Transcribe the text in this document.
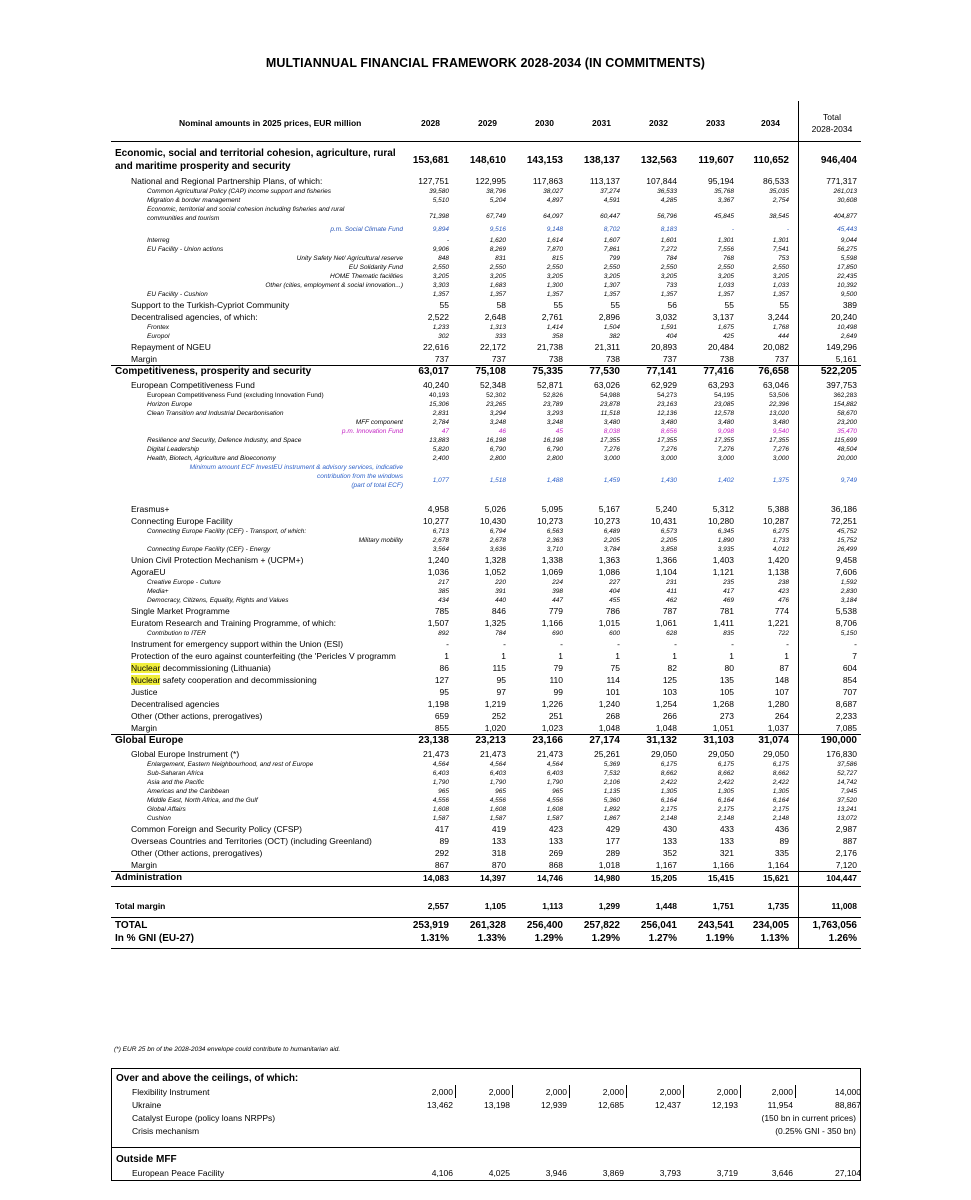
MULTIANNUAL FINANCIAL FRAMEWORK 2028-2034 (IN COMMITMENTS)
Nominal amounts in 2025 prices, EUR million	2028	2029	2030	2031	2032	2033	2034
Total
2028-2034
Economic, social and territorial cohesion, agriculture, rural
and maritime prosperity and security
153,681	148,610	143,153	138,137	132,563	119,607	110,652	946,404
National and Regional Partnership Plans, of which:	127,751	122,995	117,863	113,137	107,844	95,194	86,533	771,317
Common Agricultural Policy (CAP) income support and fisheries	39,580	38,796	38,027	37,274	36,533	35,768	35,035	261,013
Migration & border management	5,510	5,204	4,897	4,591	4,285	3,367	2,754	30,608
Economic, territorial and social cohesion including fisheries and rural
communities and tourism	71,398	67,749	64,097	60,447	56,796	45,845	38,545	404,877
p.m. Social Climate Fund	9,894	9,516	9,148	8,702	8,183	-	-	45,443
Interreg	-	1,620	1,614	1,607	1,601	1,301	1,301	9,044
EU Facility - Union actions	9,906	8,269	7,870	7,861	7,272	7,556	7,541	56,275
Unity Safety Net/ Agricultural reserve	848	831	815	799	784	768	753	5,598
EU Solidarity Fund	2,550	2,550	2,550	2,550	2,550	2,550	2,550	17,850
HOME Thematic facilities	3,205	3,205	3,205	3,205	3,205	3,205	3,205	22,435
Other (cities, employment & social innovation...)	3,303	1,683	1,300	1,307	733	1,033	1,033	10,392
EU Facility - Cushion	1,357	1,357	1,357	1,357	1,357	1,357	1,357	9,500
Support to the Turkish-Cypriot Community	55	58	55	55	56	55	55	389
Decentralised agencies, of which:	2,522	2,648	2,761	2,896	3,032	3,137	3,244	20,240
Frontex	1,233	1,313	1,414	1,504	1,591	1,675	1,768	10,498
Europol	302	333	358	382	404	425	444	2,649
Repayment of NGEU	22,616	22,172	21,738	21,311	20,893	20,484	20,082	149,296
Margin	737	737	738	738	737	738	737	5,161
Competitiveness, prosperity and security	63,017	75,108	75,335	77,530	77,141	77,416	76,658	522,205
European Competitiveness Fund	40,240	52,348	52,871	63,026	62,929	63,293	63,046	397,753
European Competitiveness Fund (excluding Innovation Fund)	40,193	52,302	52,826	54,988	54,273	54,195	53,506	362,283
Horizon Europe	15,306	23,265	23,789	23,878	23,163	23,085	22,396	154,882
Clean Transition and Industrial Decarbonisation	2,831	3,294	3,293	11,518	12,136	12,578	13,020	58,670
MFF component	2,784	3,248	3,248	3,480	3,480	3,480	3,480	23,200
p.m. Innovation Fund	47	46	45	8,038	8,656	9,098	9,540	35,470
Resilience and Security, Defence Industry, and Space	13,883	16,198	16,198	17,355	17,355	17,355	17,355	115,699
Digital Leadership	5,820	6,790	6,790	7,276	7,276	7,276	7,276	48,504
Health, Biotech, Agriculture and Bioeconomy	2,400	2,800	2,800	3,000	3,000	3,000	3,000	20,000
Minimum amount ECF InvestEU instrument & advisory services, indicative
contribution from the windows
(part of total ECF)
1,077	1,518	1,488	1,459	1,430	1,402	1,375	9,749
Erasmus+	4,958	5,026	5,095	5,167	5,240	5,312	5,388	36,186
Connecting Europe Facility	10,277	10,430	10,273	10,273	10,431	10,280	10,287	72,251
Connecting Europe Facility (CEF) - Transport, of which:	6,713	6,794	6,563	6,489	6,573	6,345	6,275	45,752
Military mobility	2,678	2,678	2,363	2,205	2,205	1,890	1,733	15,752
Connecting Europe Facility (CEF) - Energy	3,564	3,636	3,710	3,784	3,858	3,935	4,012	26,499
Union Civil Protection Mechanism + (UCPM+)	1,240	1,328	1,338	1,363	1,366	1,403	1,420	9,458
AgoraEU	1,036	1,052	1,069	1,086	1,104	1,121	1,138	7,606
Creative Europe - Culture	217	220	224	227	231	235	238	1,592
Media+	385	391	398	404	411	417	423	2,830
Democracy, Citizens, Equality, Rights and Values	434	440	447	455	462	469	476	3,184
Single Market Programme	785	846	779	786	787	781	774	5,538
Euratom Research and Training Programme, of which:	1,507	1,325	1,166	1,015	1,061	1,411	1,221	8,706
Contribution to ITER	892	784	690	600	628	835	722	5,150
Instrument for emergency support within the Union (ESI)	-	-	-	-	-	-	-	-
Protection of the euro against counterfeiting (the 'Pericles V programm	1	1	1	1	1	1	1	7
Nuclear decommissioning (Lithuania)	86	115	79	75	82	80	87	604
Nuclear safety cooperation and decommissioning	127	95	110	114	125	135	148	854
Justice	95	97	99	101	103	105	107	707
Decentralised agencies	1,198	1,219	1,226	1,240	1,254	1,268	1,280	8,687
Other (Other actions, prerogatives)	659	252	251	268	266	273	264	2,233
Margin	855	1,020	1,023	1,048	1,048	1,051	1,037	7,085
Global Europe	23,138	23,213	23,166	27,174	31,132	31,103	31,074	190,000
Global Europe Instrument (*)	21,473	21,473	21,473	25,261	29,050	29,050	29,050	176,830
Enlargement, Eastern Neighbourhood, and rest of Europe	4,564	4,564	4,564	5,369	6,175	6,175	6,175	37,586
Sub-Saharan Africa	6,403	6,403	6,403	7,532	8,662	8,662	8,662	52,727
Asia and the Pacific	1,790	1,790	1,790	2,106	2,422	2,422	2,422	14,742
Americas and the Caribbean	965	965	965	1,135	1,305	1,305	1,305	7,945
Middle East, North Africa, and the Gulf	4,556	4,556	4,556	5,360	6,164	6,164	6,164	37,520
Global Affairs	1,608	1,608	1,608	1,892	2,175	2,175	2,175	13,241
Cushion	1,587	1,587	1,587	1,867	2,148	2,148	2,148	13,072
Common Foreign and Security Policy (CFSP)	417	419	423	429	430	433	436	2,987
Overseas Countries and Territories (OCT) (including Greenland)	89	133	133	177	133	133	89	887
Other (Other actions, prerogatives)	292	318	269	289	352	321	335	2,176
Margin	867	870	868	1,018	1,167	1,166	1,164	7,120
Administration	14,083	14,397	14,746	14,980	15,205	15,415	15,621	104,447
Total margin	2,557	1,105	1,113	1,299	1,448	1,751	1,735	11,008
TOTAL	253,919	261,328	256,400	257,822	256,041	243,541	234,005	1,763,056
In % GNI (EU-27)	1.31%	1.33%	1.29%	1.29%	1.27%	1.19%	1.13%	1.26%
(*) EUR 25 bn of the 2028-2034 envelope could contribute to humanitarian aid.
Over and above the ceilings, of which:
Flexibility Instrument	2,000	2,000	2,000	2,000	2,000	2,000	2,000	14,000
Ukraine	13,462	13,198	12,939	12,685	12,437	12,193	11,954	88,867
Catalyst Europe (policy loans NRPPs)	(150 bn in current prices)
Crisis mechanism	(0.25% GNI - 350 bn)
Outside MFF
European Peace Facility	4,106	4,025	3,946	3,869	3,793	3,719	3,646	27,104
